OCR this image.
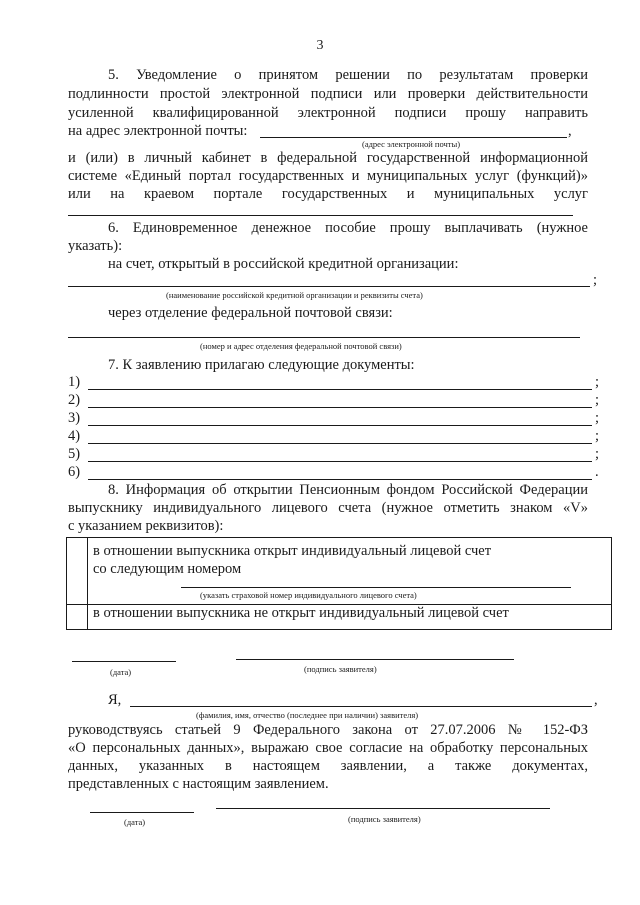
3
5. Уведомление о принятом решении по результатам проверки
подлинности простой электронной подписи или проверки действительности
усиленной квалифицированной электронной подписи прошу направить
на адрес электронной почты:	,
(адрес электронной почты)
и (или) в личный кабинет в федеральной государственной информационной
системе «Единый портал государственных и муниципальных услуг (функций)»
или на краевом портале государственных и муниципальных услуг
6. Единовременное денежное пособие прошу выплачивать (нужное
указать):
на счет, открытый в российской кредитной организации:
;
(наименование российской кредитной организации и реквизиты счета)
через отделение федеральной почтовой связи:
(номер и адрес отделения федеральной почтовой связи)
7. К заявлению прилагаю следующие документы:
1)	;
2)	;
3)	;
4)	;
5)	;
6)	.
8. Информация об открытии Пенсионным фондом Российской Федерации
выпускнику индивидуального лицевого счета (нужное отметить знаком «V»
с указанием реквизитов):

в отношении выпускника открыт индивидуальный лицевой счет
со следующим номером
(указать страховой номер индивидуального лицевого счета)
в отношении выпускника не открыт индивидуальный лицевой счет
(дата)	(подпись заявителя)
Я,	,
(фамилия, имя, отчество (последнее при наличии) заявителя)
руководствуясь статьей 9 Федерального закона от 27.07.2006 № 152-ФЗ
«О персональных данных», выражаю свое согласие на обработку персональных
данных, указанных в настоящем заявлении, а также документах,
представленных с настоящим заявлением.
(дата)	(подпись заявителя)
